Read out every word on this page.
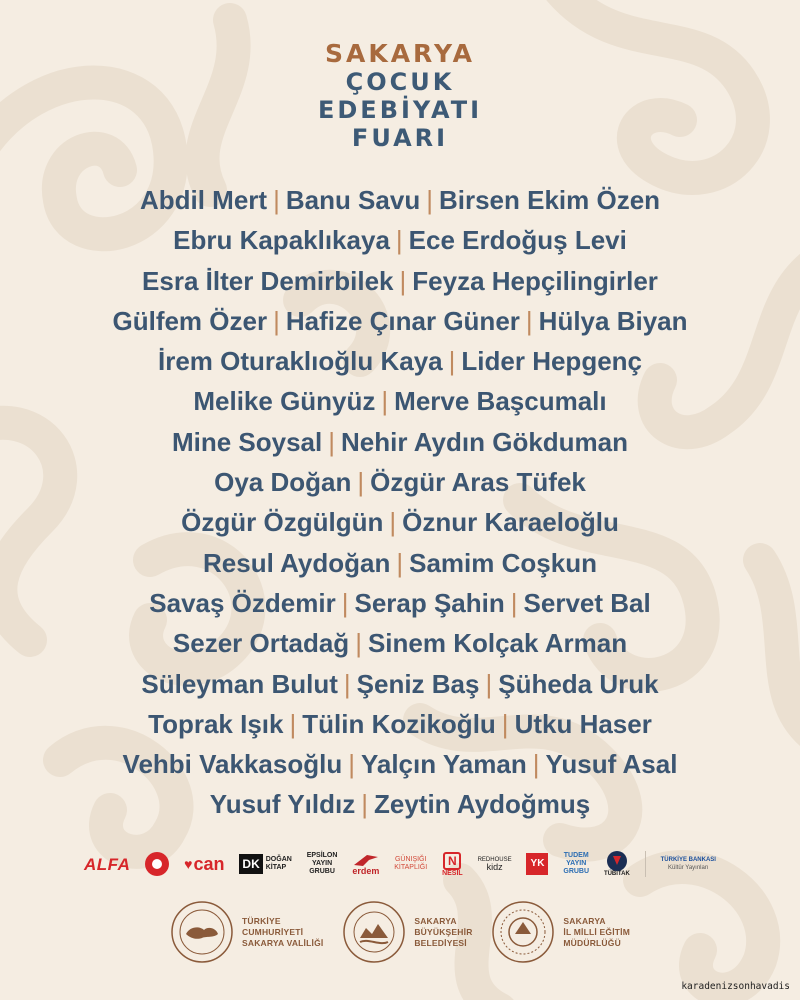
SAKARYA
ÇOCUK
EDEBİYATI
FUARI
Abdil Mert | Banu Savu | Birsen Ekim Özen
Ebru Kapaklıkaya | Ece Erdoğuş Levi
Esra İlter Demirbilek | Feyza Hepçilingirler
Gülfem Özer | Hafize Çınar Güner | Hülya Biyan
İrem Oturaklıoğlu Kaya | Lider Hepgenç
Melike Günyüz | Merve Başcumalı
Mine Soysal | Nehir Aydın Gökduman
Oya Doğan | Özgür Aras Tüfek
Özgür Özgülgün | Öznur Karaeloğlu
Resul Aydoğan | Samim Coşkun
Savaş Özdemir | Serap Şahin | Servet Bal
Sezer Ortadağ | Sinem Kolçak Arman
Süleyman Bulut | Şeniz Baş | Şüheda Uruk
Toprak Işık | Tülin Kozikoğlu | Utku Haser
Vehbi Vakkasoğlu | Yalçın Yaman | Yusuf Asal
Yusuf Yıldız | Zeytin Aydoğmuş
ALFA	♥ can DK DOĞAN
KİTAP
EPSİLON
YAYIN
GRUBU erdem
GÜNIŞIĞI
KİTAPLIĞI	N
NESİL
REDHOUSE
kidz	YK
TUDEM
YAYIN
GRUBU TÜBİTAK
TÜRKİYE BANKASI
Kültür Yayınları
TÜRKİYE
CUMHURİYETİ
SAKARYA VALİLİĞİ
SAKARYA
BÜYÜKŞEHİR
BELEDİYESİ
SAKARYA
İL MİLLİ EĞİTİM
MÜDÜRLÜĞÜ
karadenizsonhavadis
